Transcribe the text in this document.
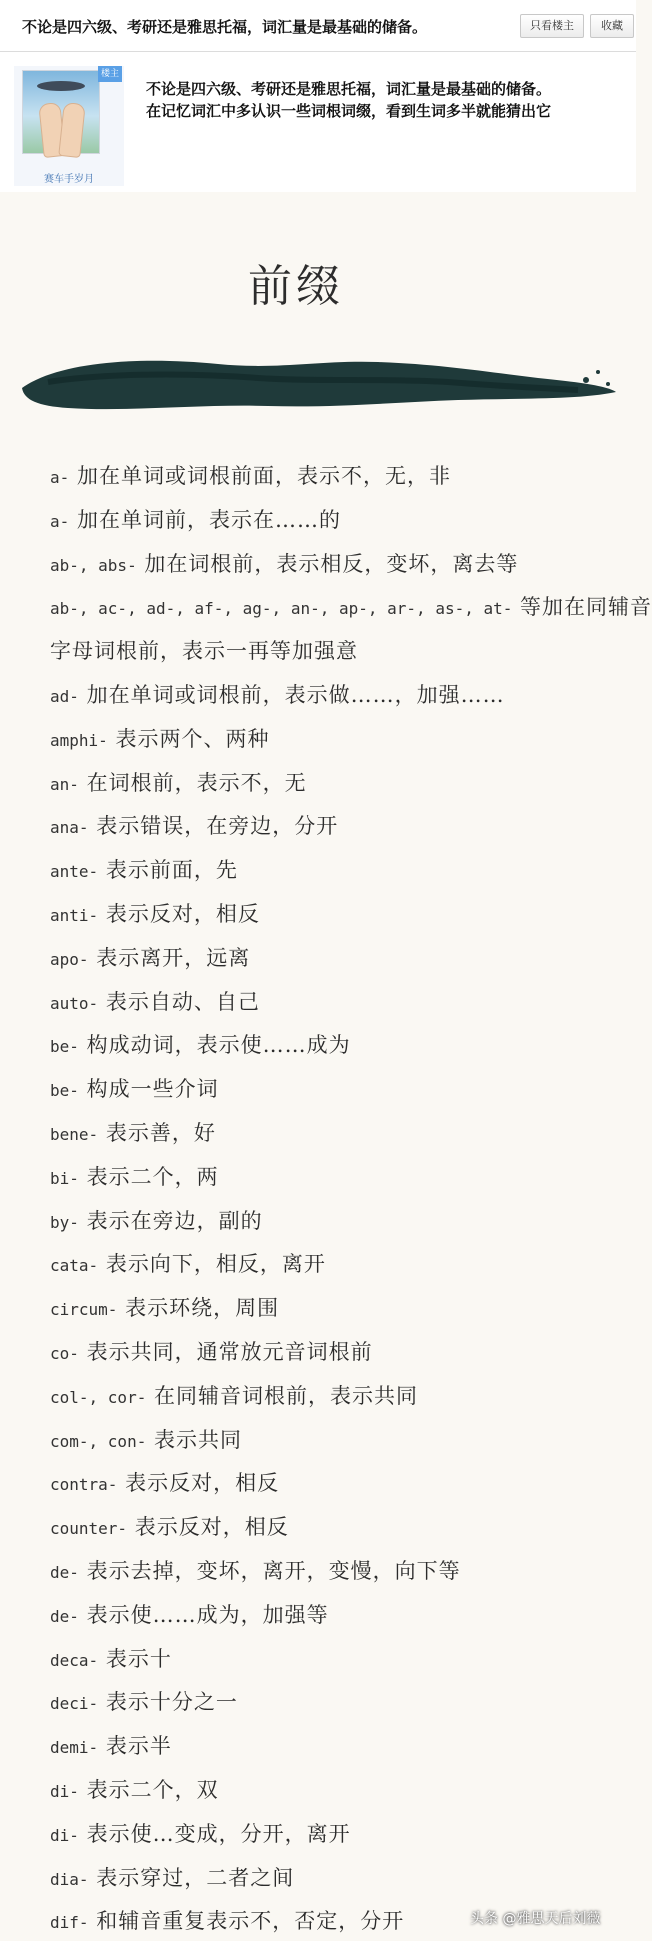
不论是四六级、考研还是雅思托福，词汇量是最基础的储备。	只看楼主	收藏
楼主
赛车手岁月
不论是四六级、考研还是雅思托福，词汇量是最基础的储备。
在记忆词汇中多认识一些词根词缀，看到生词多半就能猜出它
前缀
a- 加在单词或词根前面，表示不，无，非
a- 加在单词前，表示在……的
ab-, abs- 加在词根前，表示相反，变坏，离去等
ab-, ac-, ad-, af-, ag-, an-, ap-, ar-, as-, at- 等加在同辅音
字母词根前，表示一再等加强意
ad- 加在单词或词根前，表示做……，加强……
amphi- 表示两个、两种
an- 在词根前，表示不，无
ana- 表示错误，在旁边，分开
ante- 表示前面，先
anti- 表示反对，相反
apo- 表示离开，远离
auto- 表示自动、自己
be- 构成动词，表示使……成为
be- 构成一些介词
bene- 表示善，好
bi- 表示二个，两
by- 表示在旁边，副的
cata- 表示向下，相反，离开
circum- 表示环绕，周围
co- 表示共同，通常放元音词根前
col-, cor- 在同辅音词根前，表示共同
com-, con- 表示共同
contra- 表示反对，相反
counter- 表示反对，相反
de- 表示去掉，变坏，离开，变慢，向下等
de- 表示使……成为，加强等
deca- 表示十
deci- 表示十分之一
demi- 表示半
di- 表示二个，双
di- 表示使…变成，分开，离开
dia- 表示穿过，二者之间
dif- 和辅音重复表示不，否定，分开	头条 @雅思天后刘薇
